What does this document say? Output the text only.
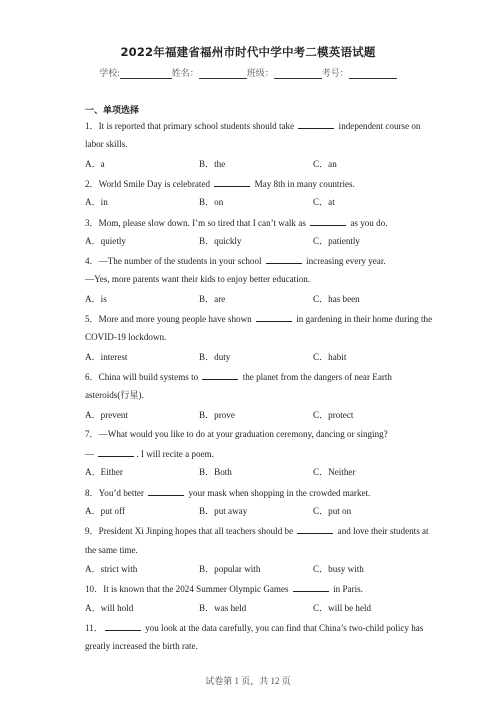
2022年福建省福州市时代中学中考二模英语试题
学校:	姓名：	班级：	考号：
一、单项选择
1．It is reported that primary school students should take	independent course on
labor skills.
A．a	B．the	C．an
2．World Smile Day is celebrated	May 8th in many countries.
A．in	B．on	C．at
3．Mom, please slow down. I’m so tired that I can’t walk as	as you do.
A．quietly	B．quickly	C．patiently
4．—The number of the students in your school	increasing every year.
—Yes, more parents want their kids to enjoy better education.
A．is	B．are	C．has been
5．More and more young people have shown	in gardening in their home during the
COVID-19 lockdown.
A．interest	B．duty	C．habit
6．China will build systems to	the planet from the dangers of near Earth
asteroids(行星).
A．prevent	B．prove	C．protect
7．—What would you like to do at your graduation ceremony, dancing or singing?
—	. I will recite a poem.
A．Either	B．Both	C．Neither
8．You’d better	your mask when shopping in the crowded market.
A．put off	B．put away	C．put on
9．President Xi Jinping hopes that all teachers should be	and love their students at
the same time.
A．strict with	B．popular with	C．busy with
10．It is known that the 2024 Summer Olympic Games	in Paris.
A．will hold	B．was held	C．will be held
11．	you look at the data carefully, you can find that China’s two-child policy has
greatly increased the birth rate.
试卷第 1 页，共 12 页
